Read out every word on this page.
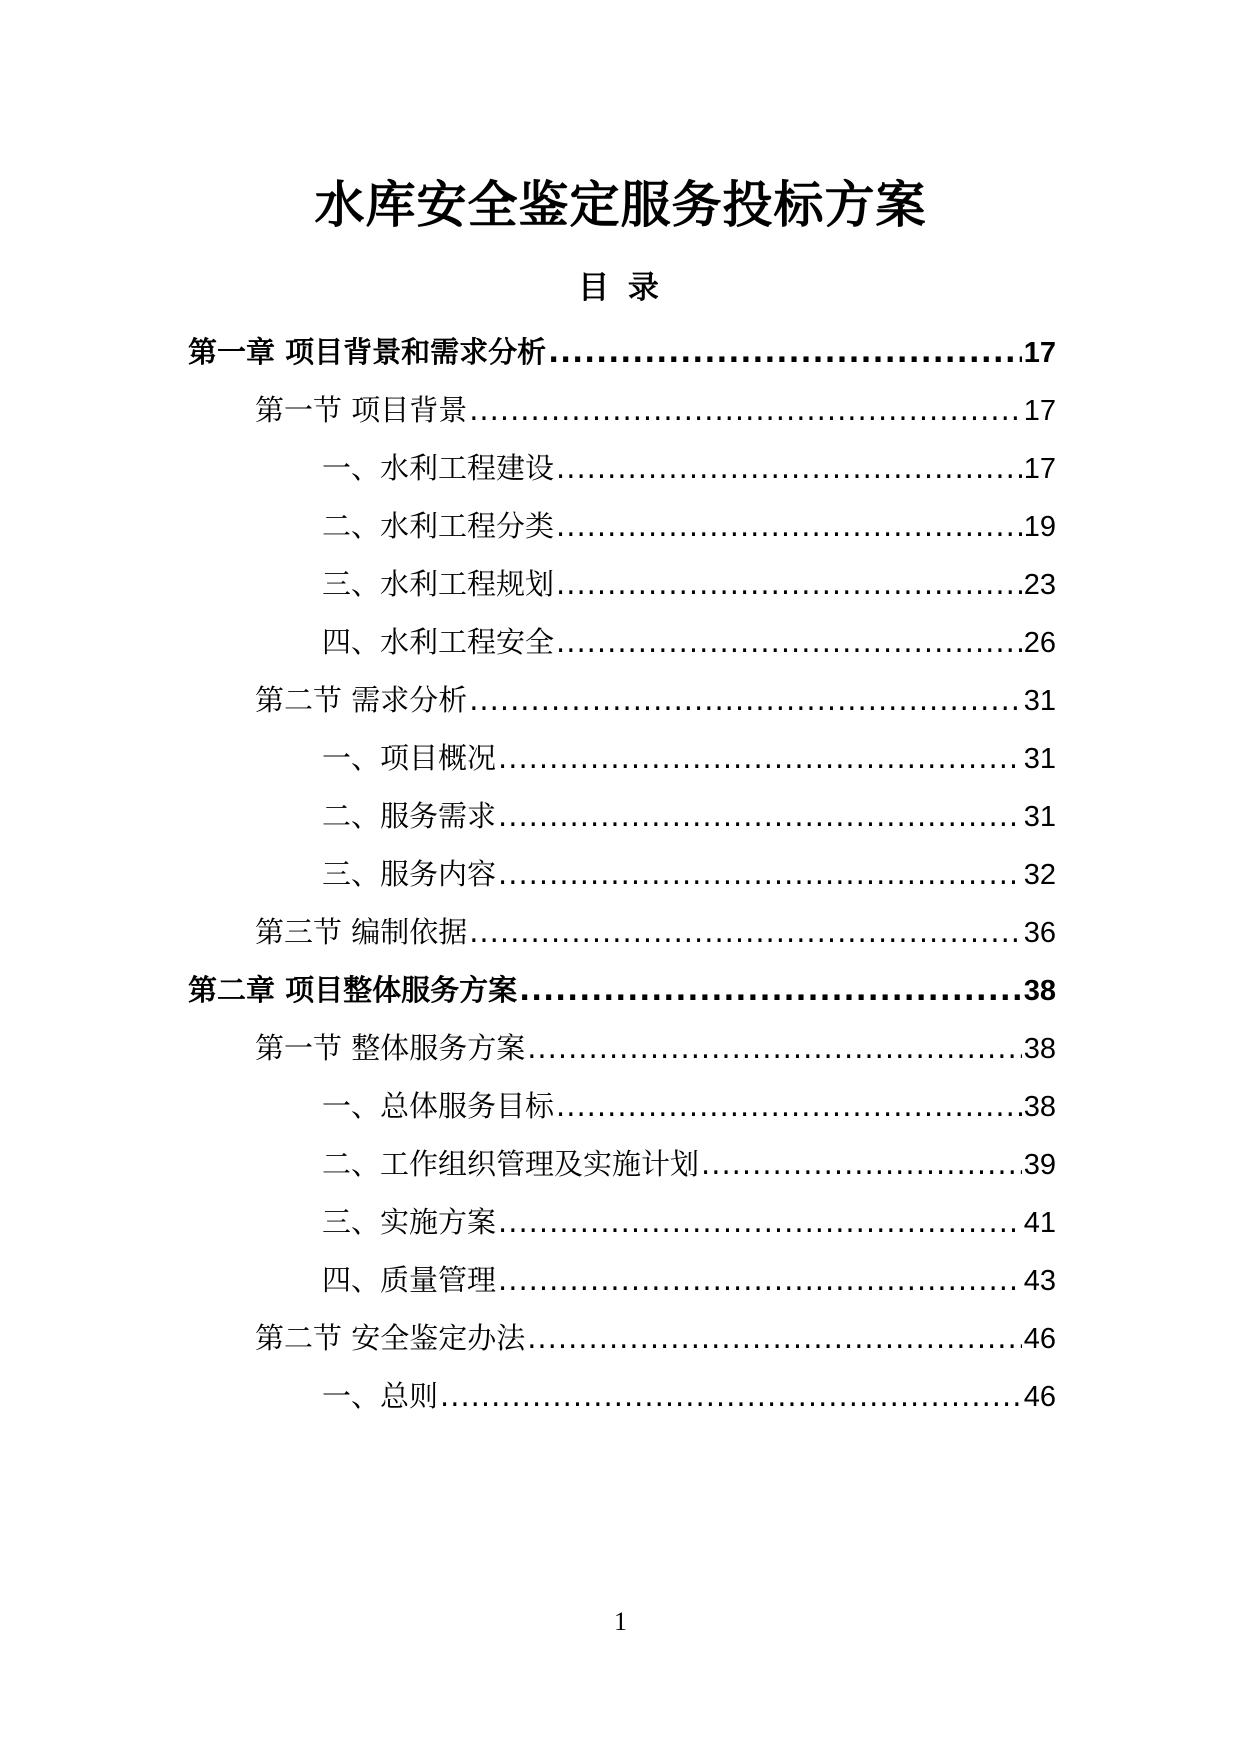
水库安全鉴定服务投标方案
目 录
第一章 项目背景和需求分析 .....	17
第一节 项目背景 .....	17
一、水利工程建设 .....	17
二、水利工程分类 .....	19
三、水利工程规划 .....	23
四、水利工程安全 .....	26
第二节 需求分析 .....	31
一、项目概况 .....	31
二、服务需求 .....	31
三、服务内容 .....	32
第三节 编制依据 .....	36
第二章 项目整体服务方案 .....	38
第一节 整体服务方案 .....	38
一、总体服务目标 .....	38
二、工作组织管理及实施计划 .....	39
三、实施方案 .....	41
四、质量管理 .....	43
第二节 安全鉴定办法 .....	46
一、总则 .....	46
1
